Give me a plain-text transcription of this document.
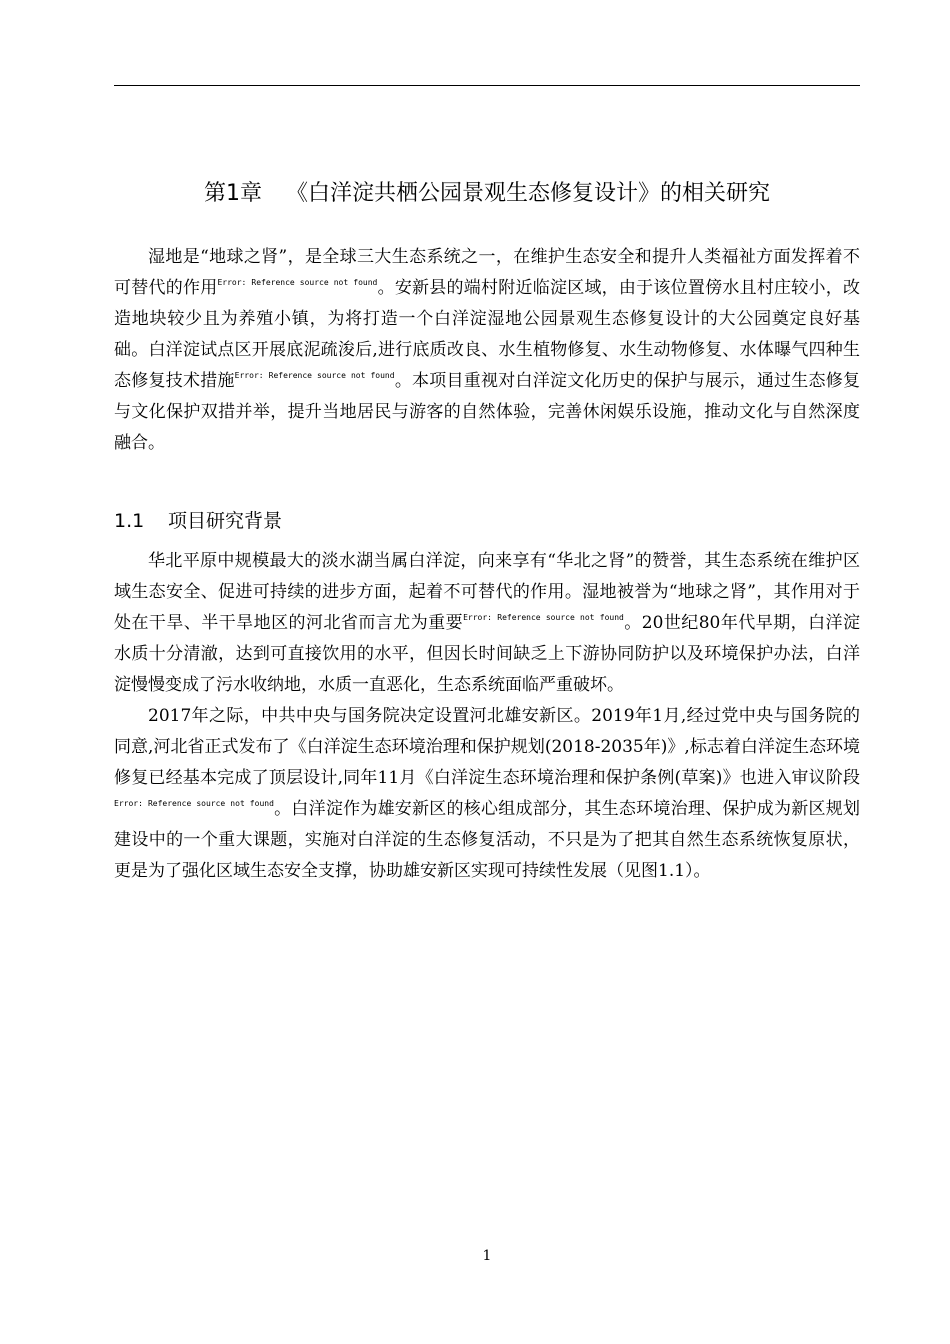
第1章 《白洋淀共栖公园景观生态修复设计》的相关研究

湿地是“地球之肾”，是全球三大生态系统之一，在维护生态安全和提升人类福祉方面发挥着不可替代的作用$^{Error: Reference source not found}$。安新县的端村附近临淀区域，由于该位置傍水且村庄较小，改造地块较少且为养殖小镇，为将打造一个白洋淀湿地公园景观生态修复设计的大公园奠定良好基础。白洋淀试点区开展底泥疏浚后,进行底质改良、水生植物修复、水生动物修复、水体曝气四种生态修复技术措施$^{Error: Reference source not found}$。本项目重视对白洋淀文化历史的保护与展示，通过生态修复与文化保护双措并举，提升当地居民与游客的自然体验，完善休闲娱乐设施，推动文化与自然深度融合。

1.1 项目研究背景

华北平原中规模最大的淡水湖当属白洋淀，向来享有“华北之肾”的赞誉，其生态系统在维护区域生态安全、促进可持续的进步方面，起着不可替代的作用。湿地被誉为“地球之肾”，其作用对于处在干旱、半干旱地区的河北省而言尤为重要$^{Error: Reference source not found}$。20世纪80年代早期，白洋淀水质十分清澈，达到可直接饮用的水平，但因长时间缺乏上下游协同防护以及环境保护办法，白洋淀慢慢变成了污水收纳地，水质一直恶化，生态系统面临严重破坏。

2017年之际，中共中央与国务院决定设置河北雄安新区。2019年1月,经过党中央与国务院的同意,河北省正式发布了《白洋淀生态环境治理和保护规划(2018-2035年)》,标志着白洋淀生态环境修复已经基本完成了顶层设计,同年11月《白洋淀生态环境治理和保护条例(草案)》也进入审议阶段$^{Error: Reference source not found}$。白洋淀作为雄安新区的核心组成部分，其生态环境治理、保护成为新区规划建设中的一个重大课题，实施对白洋淀的生态修复活动，不只是为了把其自然生态系统恢复原状，更是为了强化区域生态安全支撑，协助雄安新区实现可持续性发展（见图1.1）。

1
